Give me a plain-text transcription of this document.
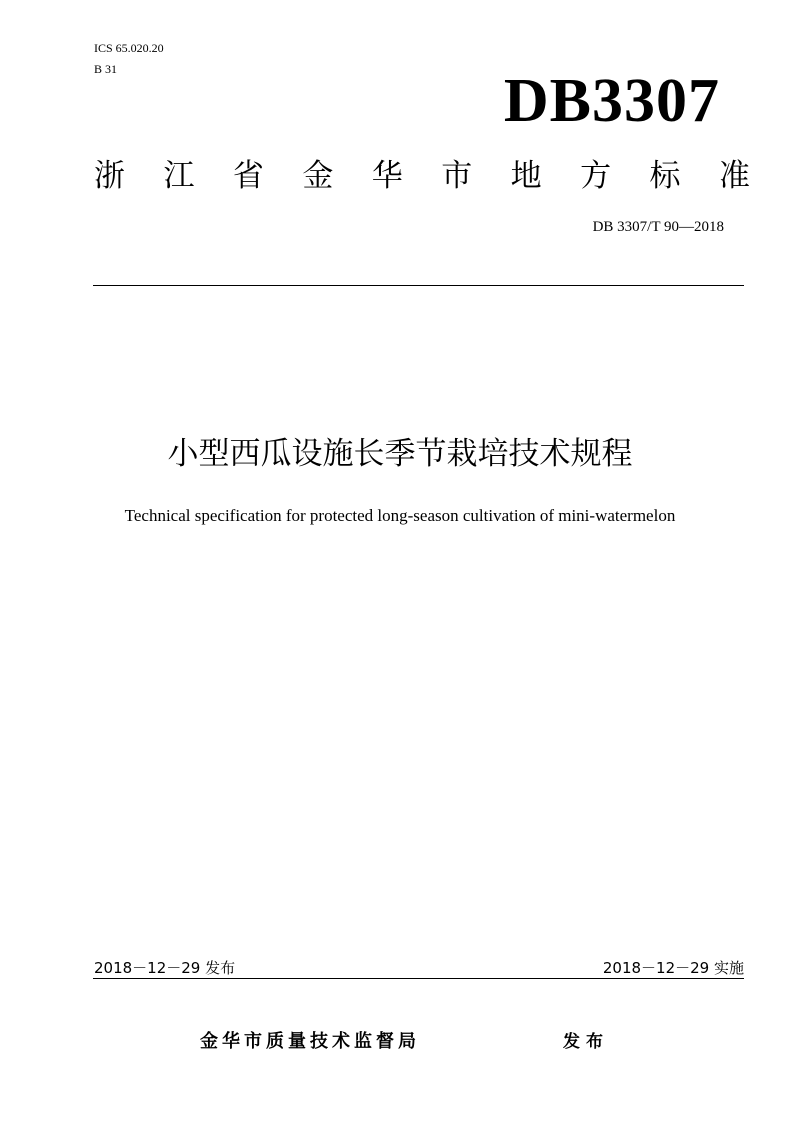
ICS 65.020.20
B 31	DB3307
浙 江 省 金 华 市 地 方 标 准
DB 3307/T 90—2018
小型西瓜设施长季节栽培技术规程
Technical specification for protected long-season cultivation of mini-watermelon
2018－12－29 发布	2018－12－29 实施
金华市质量技术监督局	发布
